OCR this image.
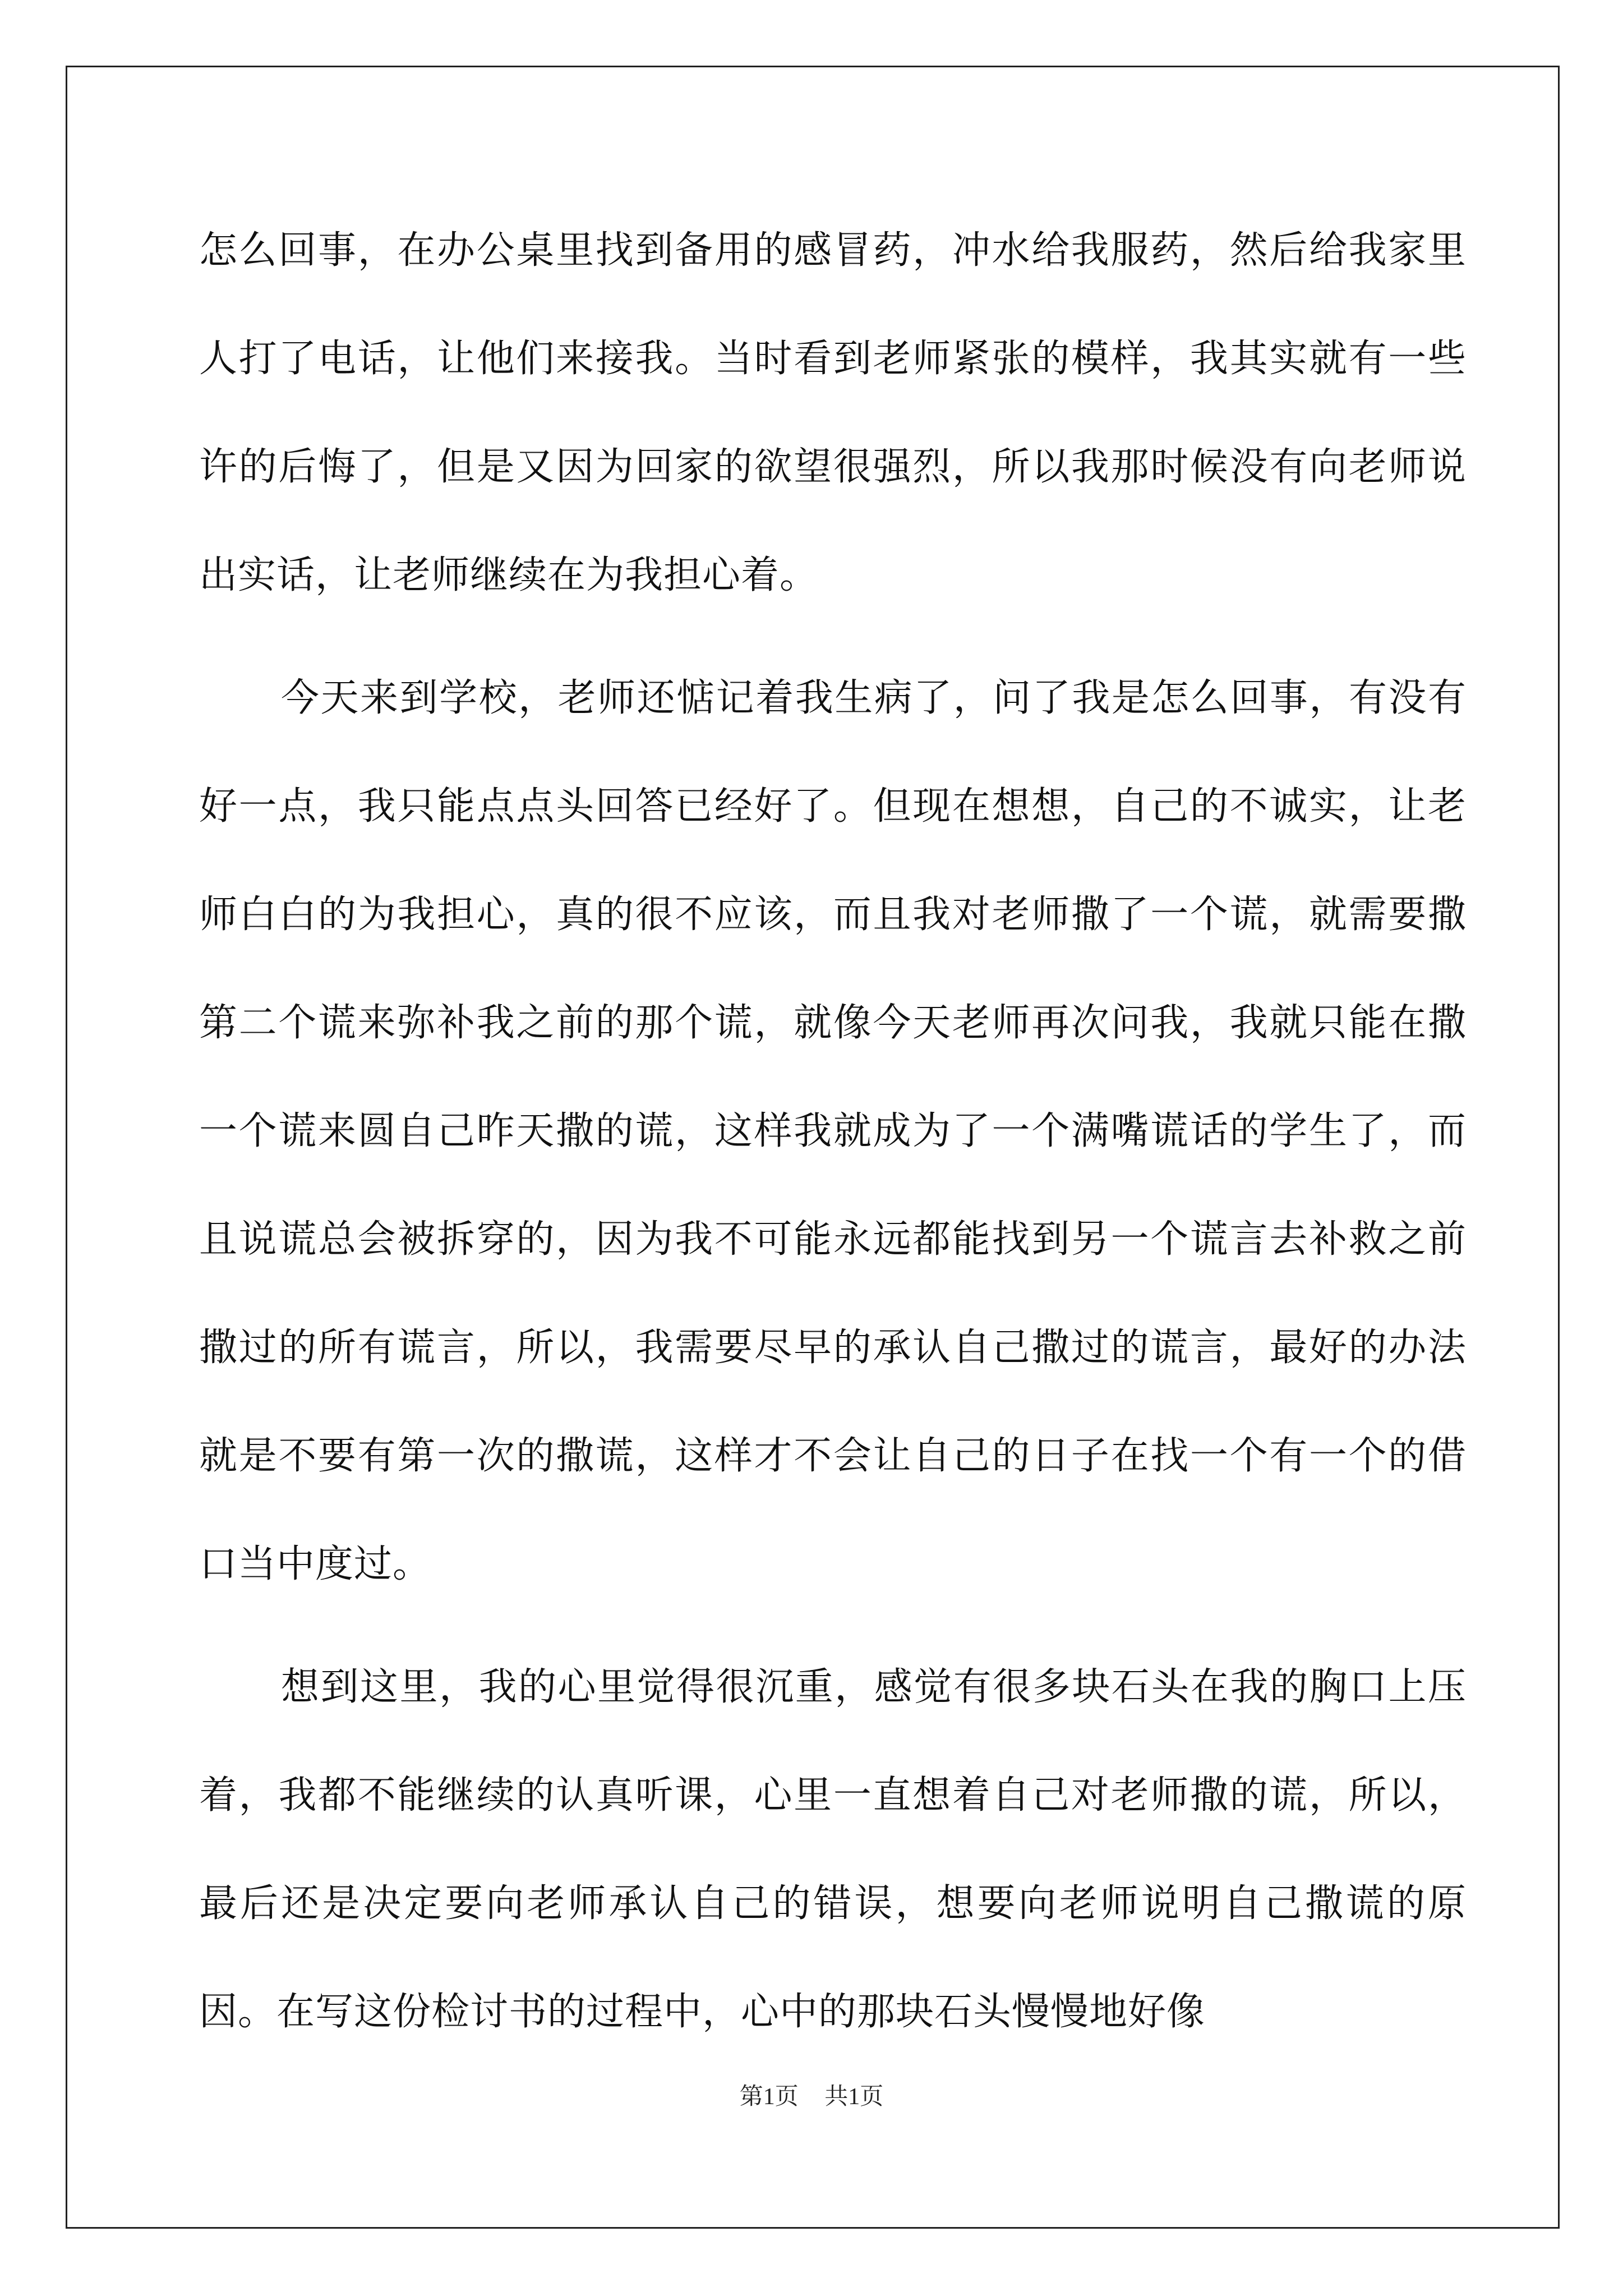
怎么回事，在办公桌里找到备用的感冒药，冲水给我服药，然后给我家里人打了电话，让他们来接我。当时看到老师紧张的模样，我其实就有一些许的后悔了，但是又因为回家的欲望很强烈，所以我那时候没有向老师说出实话，让老师继续在为我担心着。

今天来到学校，老师还惦记着我生病了，问了我是怎么回事，有没有好一点，我只能点点头回答已经好了。但现在想想，自己的不诚实，让老师白白的为我担心，真的很不应该，而且我对老师撒了一个谎，就需要撒第二个谎来弥补我之前的那个谎，就像今天老师再次问我，我就只能在撒一个谎来圆自己昨天撒的谎，这样我就成为了一个满嘴谎话的学生了，而且说谎总会被拆穿的，因为我不可能永远都能找到另一个谎言去补救之前撒过的所有谎言，所以，我需要尽早的承认自己撒过的谎言，最好的办法就是不要有第一次的撒谎，这样才不会让自己的日子在找一个有一个的借口当中度过。

想到这里，我的心里觉得很沉重，感觉有很多块石头在我的胸口上压着，我都不能继续的认真听课，心里一直想着自己对老师撒的谎，所以，最后还是决定要向老师承认自己的错误，想要向老师说明自己撒谎的原因。在写这份检讨书的过程中，心中的那块石头慢慢地好像

第1页 共1页
